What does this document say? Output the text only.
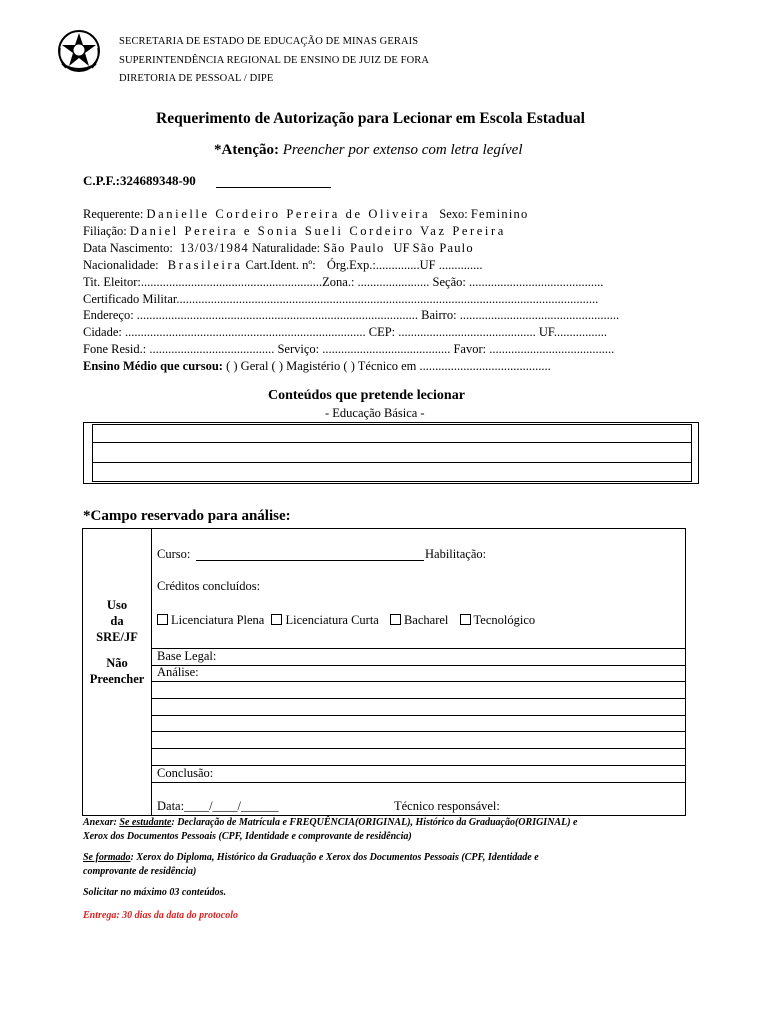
SECRETARIA DE ESTADO DE EDUCAÇÃO DE MINAS GERAIS
SUPERINTENDÊNCIA REGIONAL DE ENSINO DE JUIZ DE FORA
DIRETORIA DE PESSOAL / DIPE
Requerimento de Autorização para Lecionar em Escola Estadual
*Atenção: Preencher por extenso com letra legível
C.P.F.:324689348-90
Requerente: Danielle Cordeiro Pereira de Oliveira Sexo: Feminino
Filiação: Daniel Pereira e Sonia Sueli Cordeiro Vaz Pereira
Data Nascimento: 13/03/1984 Naturalidade: São Paulo UF São Paulo
Nacionalidade: Brasileira Cart.Ident. nº: Órg.Exp.:..............UF ..............
Tit. Eleitor:..........................................................Zona.: ....................... Seção: ...........................................
Certificado Militar.......................................................................................................................................
Endereço: .......................................................................................... Bairro: ...................................................
Cidade: ............................................................................. CEP: ............................................ UF.................
Fone Resid.: ........................................ Serviço: ......................................... Favor: ........................................
Ensino Médio que cursou: ( ) Geral ( ) Magistério ( ) Técnico em ..........................................
Conteúdos que pretende lecionar
- Educação Básica -
*Campo reservado para análise:
Uso
da
SRE/JF
Não
Preencher
Curso:	Habilitação:
Créditos concluídos:
Licenciatura Plena Licenciatura Curta Bacharel Tecnológico
Base Legal:
Análise:
Conclusão:
Data:____/____/______	Técnico responsável:
Anexar: Se estudante: Declaração de Matrícula e FREQUÊNCIA(ORIGINAL), Histórico da Graduação(ORIGINAL) e
Xerox dos Documentos Pessoais (CPF, Identidade e comprovante de residência)
Se formado: Xerox do Diploma, Histórico da Graduação e Xerox dos Documentos Pessoais (CPF, Identidade e
comprovante de residência)
Solicitar no máximo 03 conteúdos.
Entrega: 30 dias da data do protocolo
